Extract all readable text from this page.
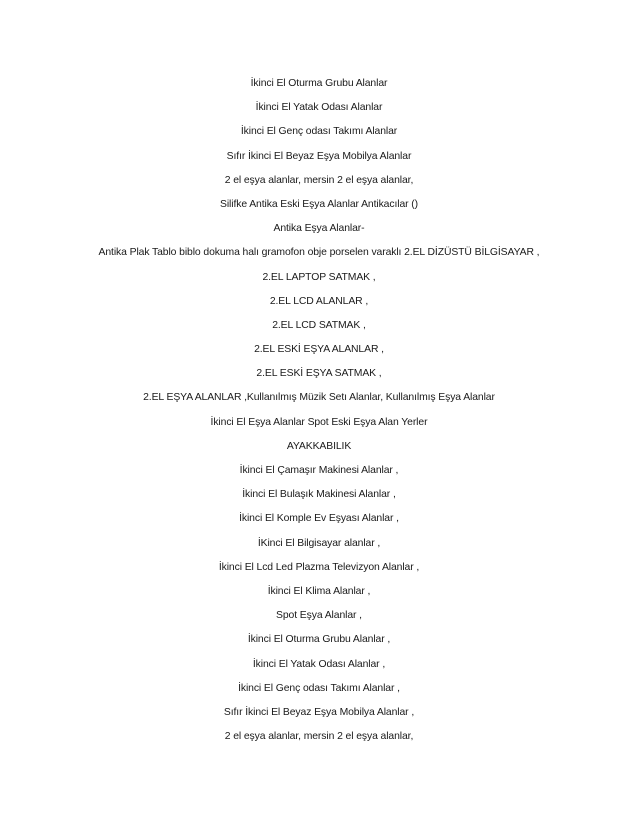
İkinci El Oturma Grubu Alanlar
İkinci El Yatak Odası Alanlar
İkinci El Genç odası Takımı Alanlar
Sıfır İkinci El Beyaz Eşya Mobilya Alanlar
2 el eşya alanlar, mersin 2 el eşya alanlar,
Silifke Antika Eski Eşya Alanlar Antikacılar ()
Antika Eşya Alanlar-
Antika Plak Tablo biblo dokuma halı gramofon obje porselen varaklı 2.EL DİZÜSTÜ BİLGİSAYAR ,
2.EL LAPTOP SATMAK ,
2.EL LCD ALANLAR ,
2.EL LCD SATMAK ,
2.EL ESKİ EŞYA ALANLAR ,
2.EL ESKİ EŞYA SATMAK ,
2.EL EŞYA ALANLAR ,Kullanılmış Müzik Setı Alanlar, Kullanılmış Eşya Alanlar
İkinci El Eşya Alanlar Spot Eski Eşya Alan Yerler
AYAKKABILIK
İkinci El Çamaşır Makinesi Alanlar ,
İkinci El Bulaşık Makinesi Alanlar ,
İkinci El Komple Ev Eşyası Alanlar ,
İKinci El Bilgisayar alanlar ,
İkinci El Lcd Led Plazma Televizyon Alanlar ,
İkinci El Klima Alanlar ,
Spot Eşya Alanlar ,
İkinci El Oturma Grubu Alanlar ,
İkinci El Yatak Odası Alanlar ,
İkinci El Genç odası Takımı Alanlar ,
Sıfır İkinci El Beyaz Eşya Mobilya Alanlar ,
2 el eşya alanlar, mersin 2 el eşya alanlar,
